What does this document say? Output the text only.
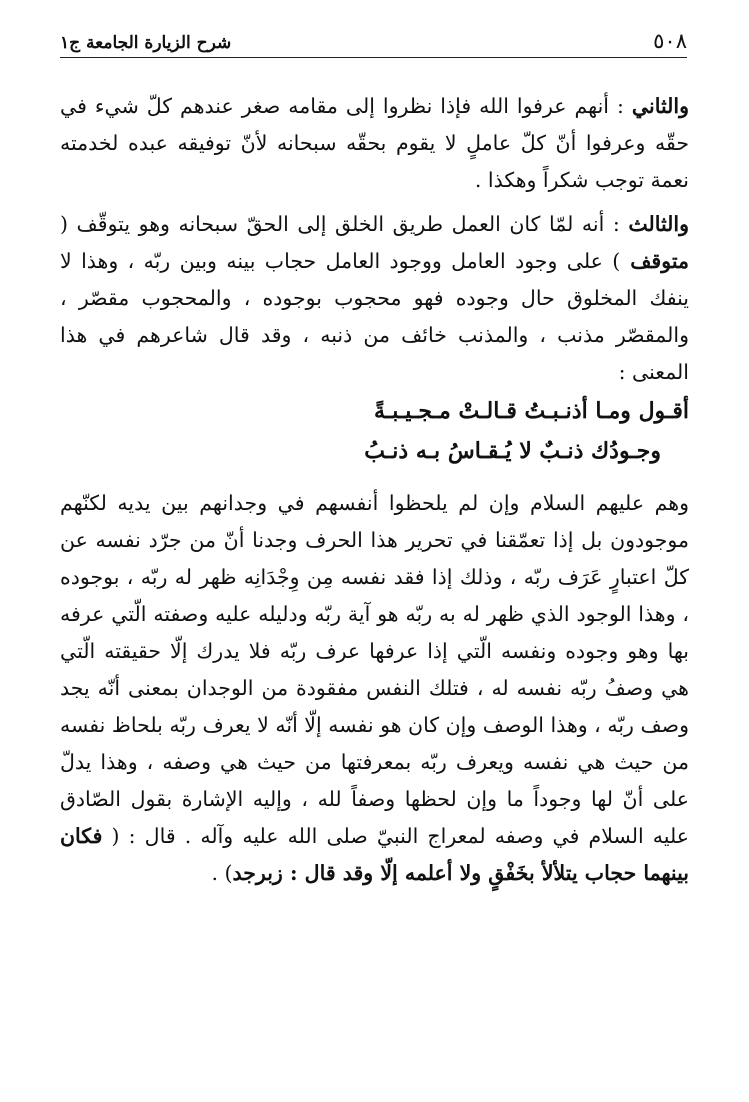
٥٠٨
شرح الزيارة الجامعة ج١

والثاني : أنهم عرفوا الله فإذا نظروا إلى مقامه صغر عندهم كلّ شيء في حقّه وعرفوا أنّ كلّ عاملٍ لا يقوم بحقّه سبحانه لأنّ توفيقه عبده لخدمته نعمة توجب شكراً وهكذا .

والثالث : أنه لمّا كان العمل طريق الخلق إلى الحقّ سبحانه وهو يتوقّف ( متوقف ) على وجود العامل ووجود العامل حجاب بينه وبين ربّه ، وهذا لا ينفك المخلوق حال وجوده فهو محجوب بوجوده ، والمحجوب مقصّر ، والمقصّر مذنب ، والمذنب خائف من ذنبه ، وقد قال شاعرهم في هذا المعنى :

أقـول ومـا أذنـبـتُ قـالـتْ مـجـيـبـةً

وجـودُك ذنـبٌ لا يُـقـاسُ بـه ذنـبُ

وهم عليهم السلام وإن لم يلحظوا أنفسهم في وجدانهم بين يديه لكنّهم موجودون بل إذا تعمّقنا في تحرير هذا الحرف وجدنا أنّ من جرّد نفسه عن كلّ اعتبارٍ عَرَف ربّه ، وذلك إذا فقد نفسه مِن وِجْدَانِه ظهر له ربّه ، بوجوده ، وهذا الوجود الذي ظهر له به ربّه هو آية ربّه ودليله عليه وصفته الّتي عرفه بها وهو وجوده ونفسه الّتي إذا عرفها عرف ربّه فلا يدرك إلّا حقيقته الّتي هي وصفُ ربّه نفسه له ، فتلك النفس مفقودة من الوجدان بمعنى أنّه يجد وصف ربّه ، وهذا الوصف وإن كان هو نفسه إلّا أنّه لا يعرف ربّه بلحاظ نفسه من حيث هي نفسه ويعرف ربّه بمعرفتها من حيث هي وصفه ، وهذا يدلّ على أنّ لها وجوداً ما وإن لحظها وصفاً لله ، وإليه الإشارة بقول الصّادق عليه السلام في وصفه لمعراج النبيّ صلى الله عليه وآله . قال : ( فكان بينهما حجاب يتلألأ بخَفْقٍ ولا أعلمه إلّا وقد قال : زبرجد) .
